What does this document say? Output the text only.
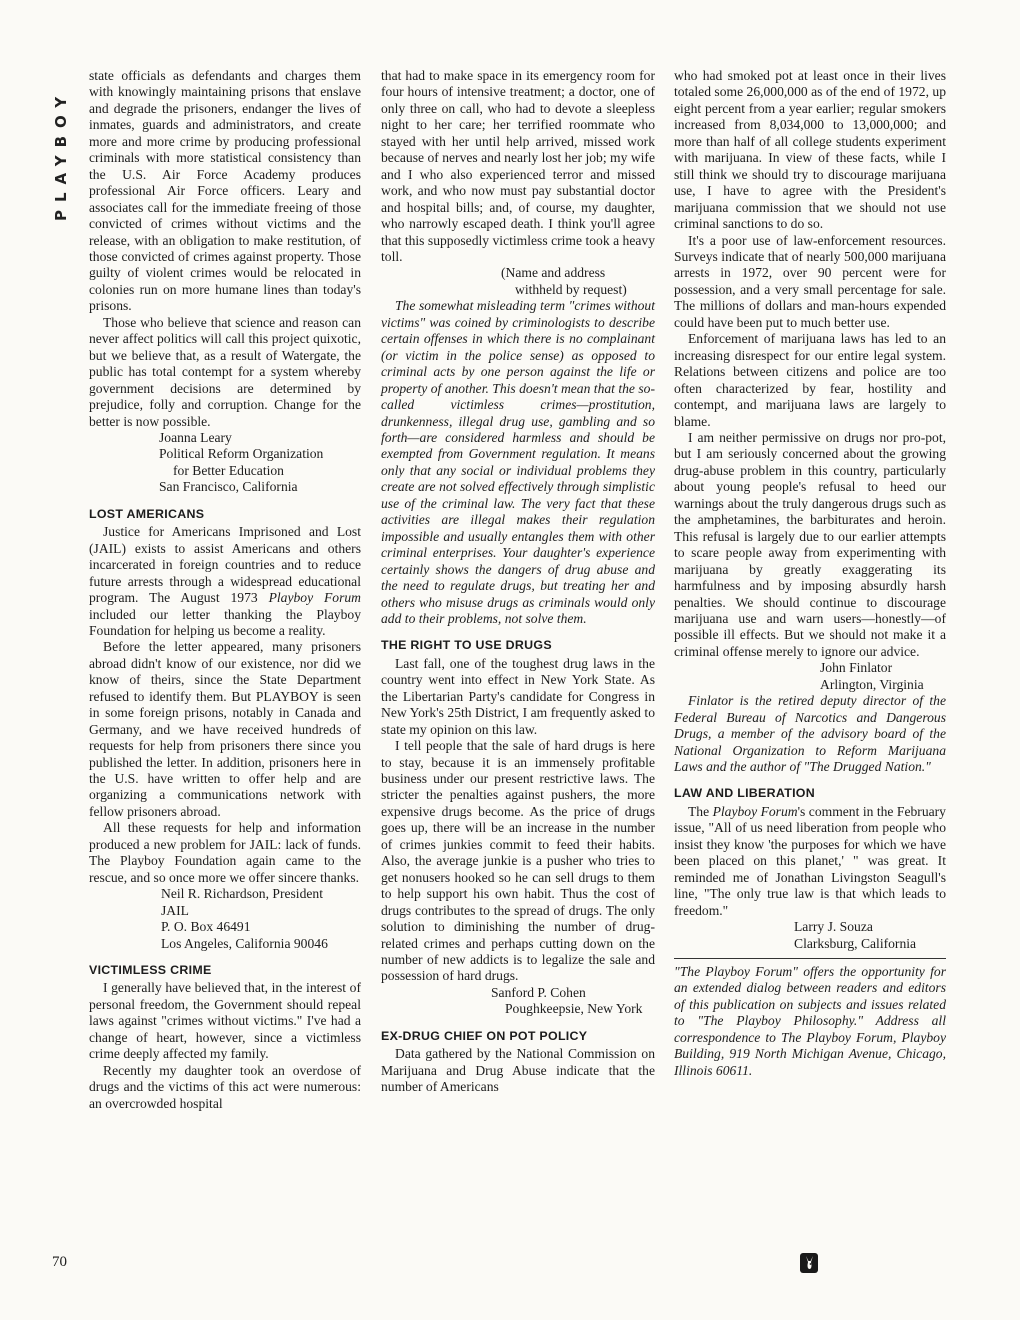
PLAYBOY

state officials as defendants and charges them with knowingly maintaining prisons that enslave and degrade the prisoners, endanger the lives of inmates, guards and administrators, and create more and more crime by producing professional criminals with more statistical consistency than the U.S. Air Force Academy produces professional Air Force officers. Leary and associates call for the immediate freeing of those convicted of crimes without victims and the release, with an obligation to make restitution, of those convicted of crimes against property. Those guilty of violent crimes would be relocated in colonies run on more humane lines than today's prisons.

Those who believe that science and reason can never affect politics will call this project quixotic, but we believe that, as a result of Watergate, the public has total contempt for a system whereby government decisions are determined by prejudice, folly and corruption. Change for the better is now possible.

Joanna Leary
Political Reform Organization
for Better Education
San Francisco, California
LOST AMERICANS

Justice for Americans Imprisoned and Lost (JAIL) exists to assist Americans and others incarcerated in foreign countries and to reduce future arrests through a widespread educational program. The August 1973 Playboy Forum included our letter thanking the Playboy Foundation for helping us become a reality.

Before the letter appeared, many prisoners abroad didn't know of our existence, nor did we know of theirs, since the State Department refused to identify them. But PLAYBOY is seen in some foreign prisons, notably in Canada and Germany, and we have received hundreds of requests for help from prisoners there since you published the letter. In addition, prisoners here in the U.S. have written to offer help and are organizing a communications network with fellow prisoners abroad.

All these requests for help and information produced a new problem for JAIL: lack of funds. The Playboy Foundation again came to the rescue, and so once more we offer sincere thanks.

Neil R. Richardson, President
JAIL
P. O. Box 46491
Los Angeles, California 90046
VICTIMLESS CRIME

I generally have believed that, in the interest of personal freedom, the Government should repeal laws against "crimes without victims." I've had a change of heart, however, since a victimless crime deeply affected my family.

Recently my daughter took an overdose of drugs and the victims of this act were numerous: an overcrowded hospital

that had to make space in its emergency room for four hours of intensive treatment; a doctor, one of only three on call, who had to devote a sleepless night to her care; her terrified roommate who stayed with her until help arrived, missed work because of nerves and nearly lost her job; my wife and I who also experienced terror and missed work, and who now must pay substantial doctor and hospital bills; and, of course, my daughter, who narrowly escaped death. I think you'll agree that this supposedly victimless crime took a heavy toll.

(Name and address
withheld by request)

The somewhat misleading term "crimes without victims" was coined by criminologists to describe certain offenses in which there is no complainant (or victim in the police sense) as opposed to criminal acts by one person against the life or property of another. This doesn't mean that the so-called victimless crimes—prostitution, drunkenness, illegal drug use, gambling and so forth—are considered harmless and should be exempted from Government regulation. It means only that any social or individual problems they create are not solved effectively through simplistic use of the criminal law. The very fact that these activities are illegal makes their regulation impossible and usually entangles them with other criminal enterprises. Your daughter's experience certainly shows the dangers of drug abuse and the need to regulate drugs, but treating her and others who misuse drugs as criminals would only add to their problems, not solve them.

THE RIGHT TO USE DRUGS

Last fall, one of the toughest drug laws in the country went into effect in New York State. As the Libertarian Party's candidate for Congress in New York's 25th District, I am frequently asked to state my opinion on this law.

I tell people that the sale of hard drugs is here to stay, because it is an immensely profitable business under our present restrictive laws. The stricter the penalties against pushers, the more expensive drugs become. As the price of drugs goes up, there will be an increase in the number of crimes junkies commit to feed their habits. Also, the average junkie is a pusher who tries to get nonusers hooked so he can sell drugs to them to help support his own habit. Thus the cost of drugs contributes to the spread of drugs. The only solution to diminishing the number of drug-related crimes and perhaps cutting down on the number of new addicts is to legalize the sale and possession of hard drugs.

Sanford P. Cohen
Poughkeepsie, New York
EX-DRUG CHIEF ON POT POLICY

Data gathered by the National Commission on Marijuana and Drug Abuse indicate that the number of Americans

who had smoked pot at least once in their lives totaled some 26,000,000 as of the end of 1972, up eight percent from a year earlier; regular smokers increased from 8,034,000 to 13,000,000; and more than half of all college students experiment with marijuana. In view of these facts, while I still think we should try to discourage marijuana use, I have to agree with the President's marijuana commission that we should not use criminal sanctions to do so.

It's a poor use of law-enforcement resources. Surveys indicate that of nearly 500,000 marijuana arrests in 1972, over 90 percent were for possession, and a very small percentage for sale. The millions of dollars and man-hours expended could have been put to much better use.

Enforcement of marijuana laws has led to an increasing disrespect for our entire legal system. Relations between citizens and police are too often characterized by fear, hostility and contempt, and marijuana laws are largely to blame.

I am neither permissive on drugs nor pro-pot, but I am seriously concerned about the growing drug-abuse problem in this country, particularly about young people's refusal to heed our warnings about the truly dangerous drugs such as the amphetamines, the barbiturates and heroin. This refusal is largely due to our earlier attempts to scare people away from experimenting with marijuana by greatly exaggerating its harmfulness and by imposing absurdly harsh penalties. We should continue to discourage marijuana use and warn users—honestly—of possible ill effects. But we should not make it a criminal offense merely to ignore our advice.

John Finlator
Arlington, Virginia

Finlator is the retired deputy director of the Federal Bureau of Narcotics and Dangerous Drugs, a member of the advisory board of the National Organization to Reform Marijuana Laws and the author of "The Drugged Nation."

LAW AND LIBERATION

The Playboy Forum's comment in the February issue, "All of us need liberation from people who insist they know 'the purposes for which we have been placed on this planet,' " was great. It reminded me of Jonathan Livingston Seagull's line, "The only true law is that which leads to freedom."

Larry J. Souza
Clarksburg, California

"The Playboy Forum" offers the opportunity for an extended dialog between readers and editors of this publication on subjects and issues related to "The Playboy Philosophy." Address all correspondence to The Playboy Forum, Playboy Building, 919 North Michigan Avenue, Chicago, Illinois 60611.

70
